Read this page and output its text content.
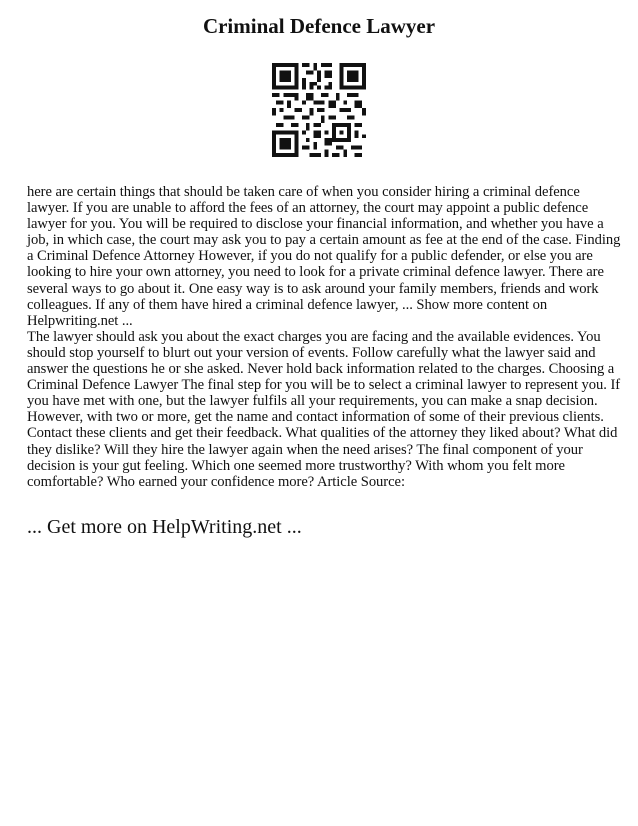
Criminal Defence Lawyer

here are certain things that should be taken care of when you consider hiring a criminal defence lawyer. If you are unable to afford the fees of an attorney, the court may appoint a public defence lawyer for you. You will be required to disclose your financial information, and whether you have a job, in which case, the court may ask you to pay a certain amount as fee at the end of the case. Finding a Criminal Defence Attorney However, if you do not qualify for a public defender, or else you are looking to hire your own attorney, you need to look for a private criminal defence lawyer. There are several ways to go about it. One easy way is to ask around your family members, friends and work colleagues. If any of them have hired a criminal defence lawyer, ... Show more content on Helpwriting.net ...

The lawyer should ask you about the exact charges you are facing and the available evidences. You should stop yourself to blurt out your version of events. Follow carefully what the lawyer said and answer the questions he or she asked. Never hold back information related to the charges. Choosing a Criminal Defence Lawyer The final step for you will be to select a criminal lawyer to represent you. If you have met with one, but the lawyer fulfils all your requirements, you can make a snap decision. However, with two or more, get the name and contact information of some of their previous clients. Contact these clients and get their feedback. What qualities of the attorney they liked about? What did they dislike? Will they hire the lawyer again when the need arises? The final component of your decision is your gut feeling. Which one seemed more trustworthy? With whom you felt more comfortable? Who earned your confidence more? Article Source:

... Get more on HelpWriting.net ...
